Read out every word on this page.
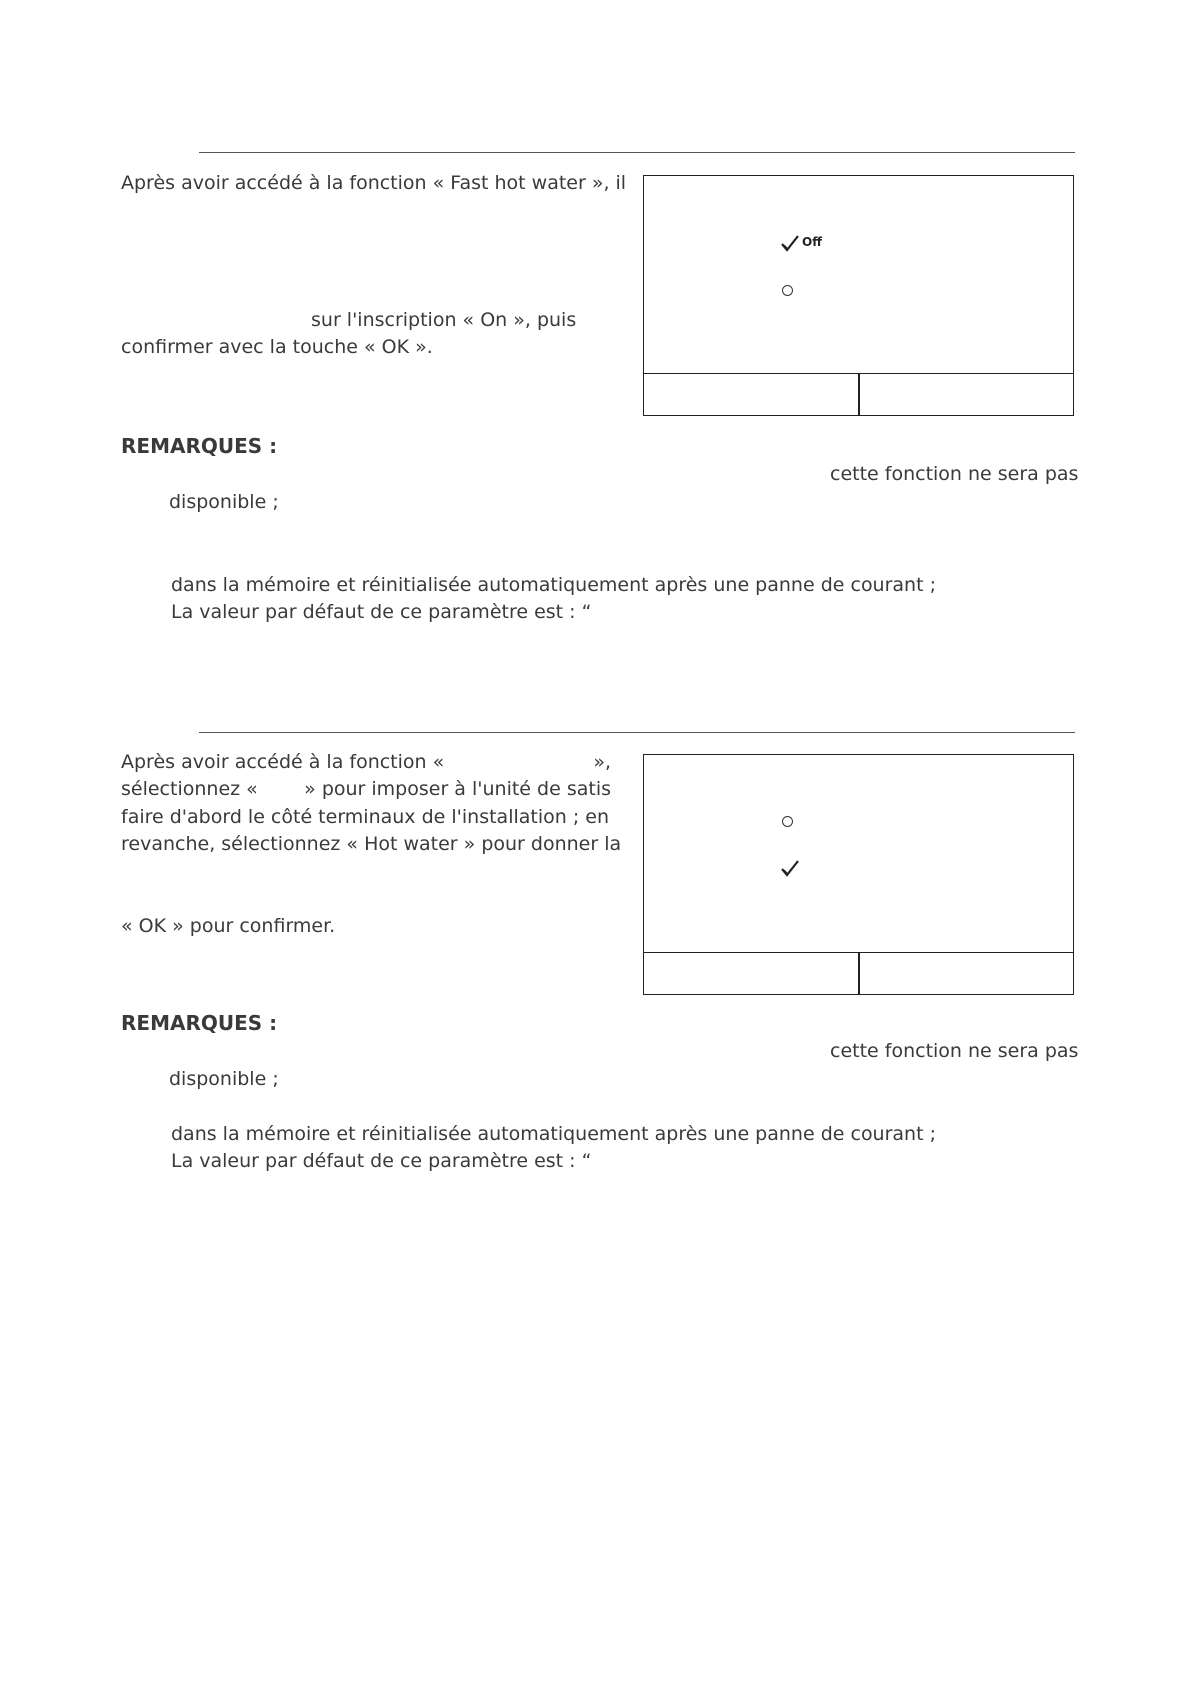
Après avoir accédé à la fonction « Fast hot water », il
sur l'inscription « On », puis
confirmer avec la touche « OK ».
Off
REMARQUES :
cette fonction ne sera pas
disponible ;
dans la mémoire et réinitialisée automatiquement après une panne de courant ;
La valeur par défaut de ce paramètre est : “
Après avoir accédé à la fonction «	»,
sélectionnez « » pour imposer à l'unité de satis
faire d'abord le côté terminaux de l'installation ; en
revanche, sélectionnez « Hot water » pour donner la
« OK » pour confirmer.
REMARQUES :
cette fonction ne sera pas
disponible ;
dans la mémoire et réinitialisée automatiquement après une panne de courant ;
La valeur par défaut de ce paramètre est : “
